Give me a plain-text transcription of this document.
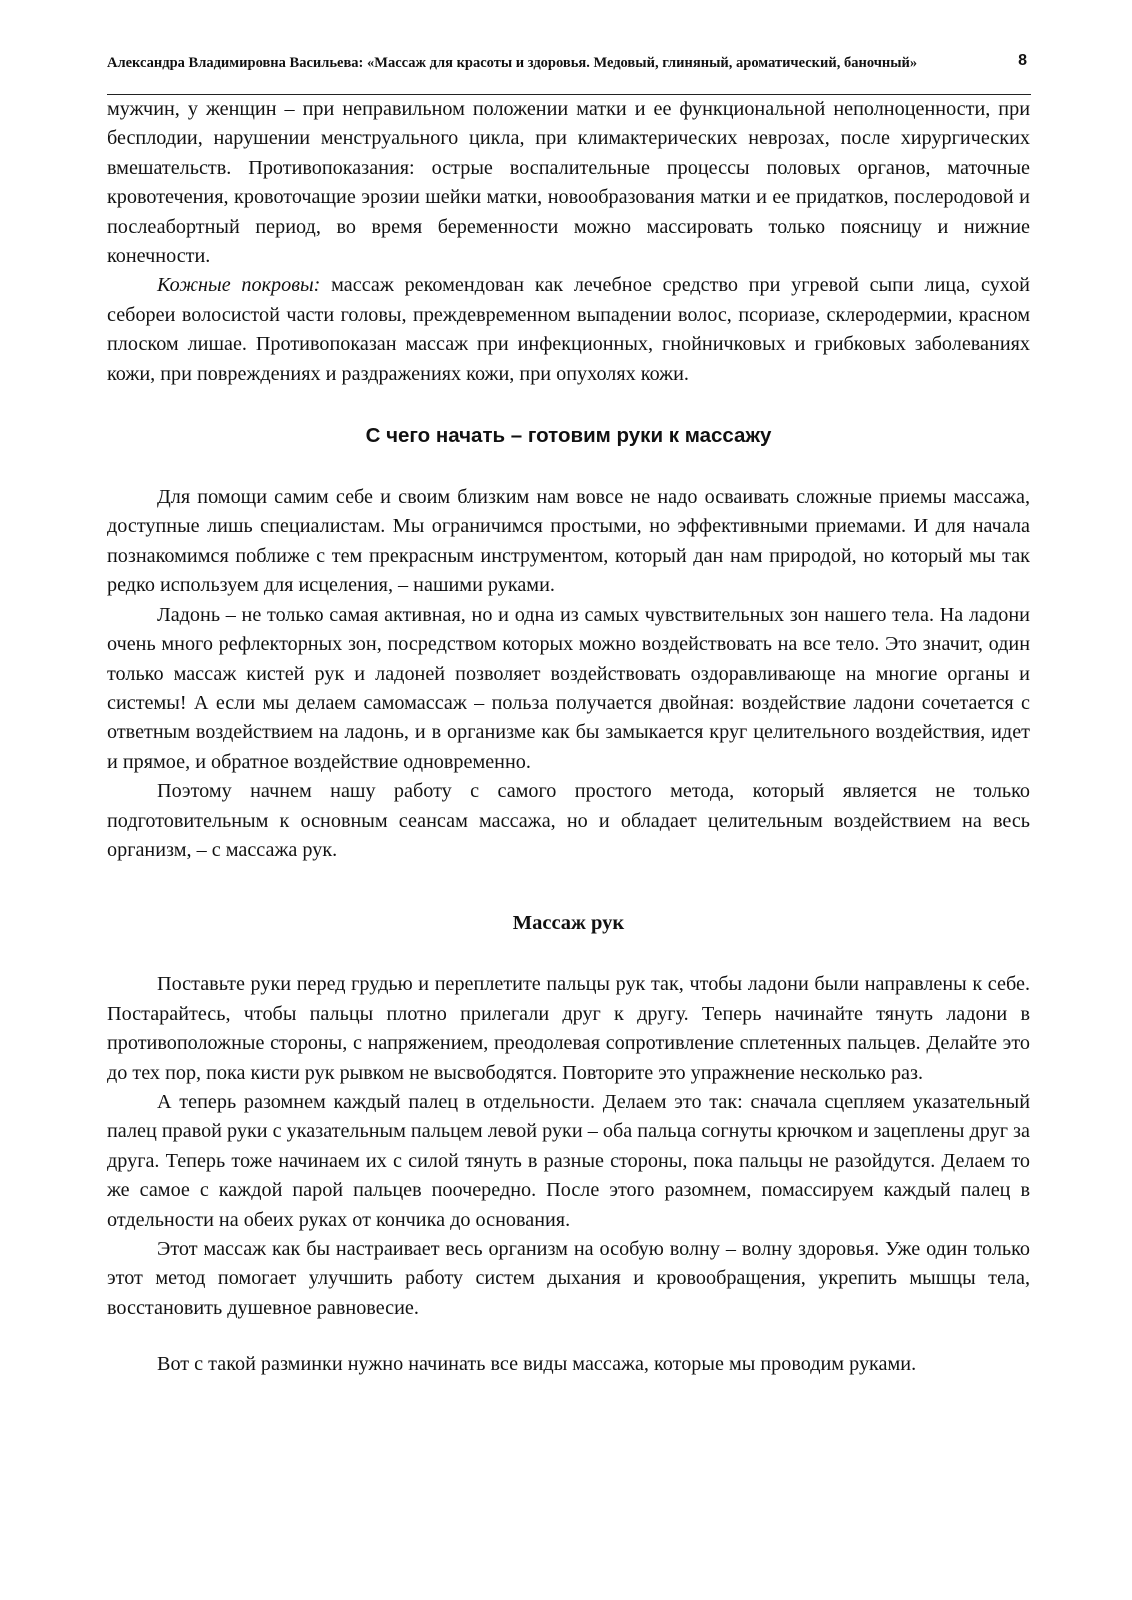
Александра Владимировна Васильева: «Массаж для красоты и здоровья. Медовый, глиняный, ароматический, баночный»	8

мужчин, у женщин – при неправильном положении матки и ее функциональной неполноценности, при бесплодии, нарушении менструального цикла, при климактерических неврозах, после хирургических вмешательств. Противопоказания: острые воспалительные процессы половых органов, маточные кровотечения, кровоточащие эрозии шейки матки, новообразования матки и ее придатков, послеродовой и послеабортный период, во время беременности можно массировать только поясницу и нижние конечности.

Кожные покровы: массаж рекомендован как лечебное средство при угревой сыпи лица, сухой себореи волосистой части головы, преждевременном выпадении волос, псориазе, склеродермии, красном плоском лишае. Противопоказан массаж при инфекционных, гнойничковых и грибковых заболеваниях кожи, при повреждениях и раздражениях кожи, при опухолях кожи.

С чего начать – готовим руки к массажу

Для помощи самим себе и своим близким нам вовсе не надо осваивать сложные приемы массажа, доступные лишь специалистам. Мы ограничимся простыми, но эффективными приемами. И для начала познакомимся поближе с тем прекрасным инструментом, который дан нам природой, но который мы так редко используем для исцеления, – нашими руками.

Ладонь – не только самая активная, но и одна из самых чувствительных зон нашего тела. На ладони очень много рефлекторных зон, посредством которых можно воздействовать на все тело. Это значит, один только массаж кистей рук и ладоней позволяет воздействовать оздоравливающе на многие органы и системы! А если мы делаем самомассаж – польза получается двойная: воздействие ладони сочетается с ответным воздействием на ладонь, и в организме как бы замыкается круг целительного воздействия, идет и прямое, и обратное воздействие одновременно.

Поэтому начнем нашу работу с самого простого метода, который является не только подготовительным к основным сеансам массажа, но и обладает целительным воздействием на весь организм, – с массажа рук.

Массаж рук

Поставьте руки перед грудью и переплетите пальцы рук так, чтобы ладони были направлены к себе. Постарайтесь, чтобы пальцы плотно прилегали друг к другу. Теперь начинайте тянуть ладони в противоположные стороны, с напряжением, преодолевая сопротивление сплетенных пальцев. Делайте это до тех пор, пока кисти рук рывком не высвободятся. Повторите это упражнение несколько раз.

А теперь разомнем каждый палец в отдельности. Делаем это так: сначала сцепляем указательный палец правой руки с указательным пальцем левой руки – оба пальца согнуты крючком и зацеплены друг за друга. Теперь тоже начинаем их с силой тянуть в разные стороны, пока пальцы не разойдутся. Делаем то же самое с каждой парой пальцев поочередно. После этого разомнем, помассируем каждый палец в отдельности на обеих руках от кончика до основания.

Этот массаж как бы настраивает весь организм на особую волну – волну здоровья. Уже один только этот метод помогает улучшить работу систем дыхания и кровообращения, укрепить мышцы тела, восстановить душевное равновесие.

Вот с такой разминки нужно начинать все виды массажа, которые мы проводим руками.
